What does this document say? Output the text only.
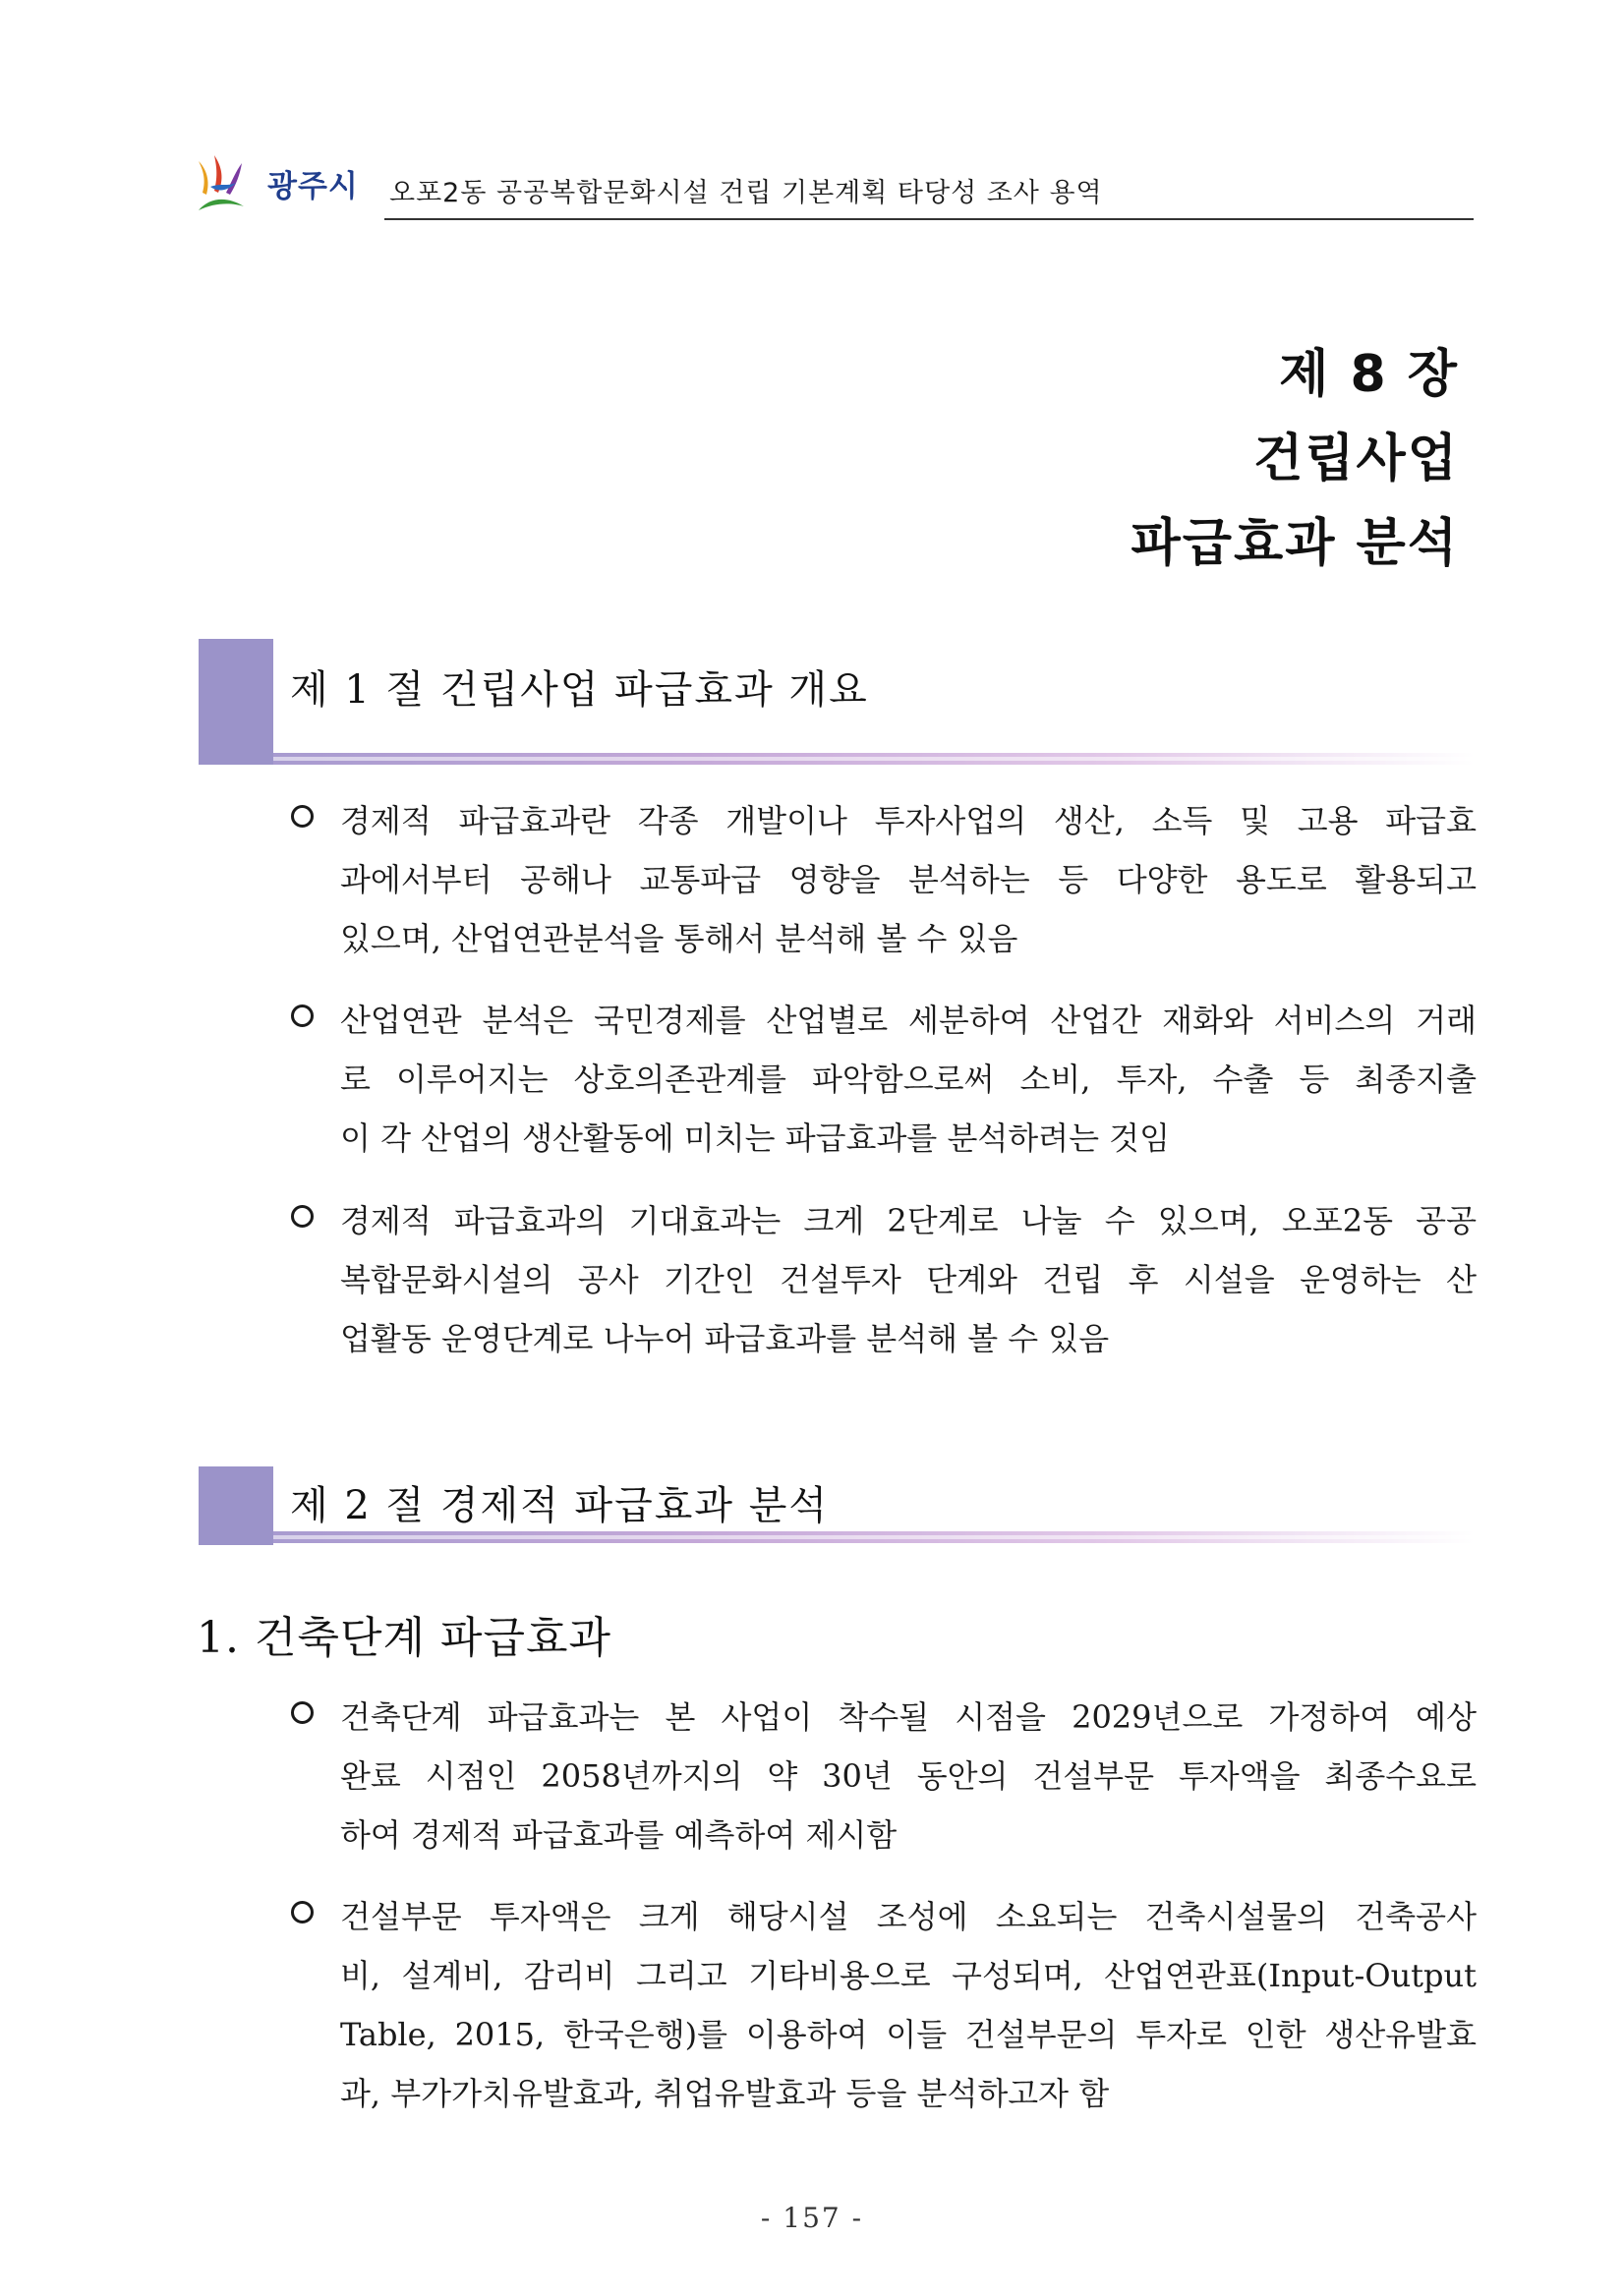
광주시 오포2동 공공복합문화시설 건립 기본계획 타당성 조사 용역
제 8 장
건립사업
파급효과 분석
제 1 절 건립사업 파급효과 개요
경제적 파급효과란 각종 개발이나 투자사업의 생산, 소득 및 고용 파급효
과에서부터 공해나 교통파급 영향을 분석하는 등 다양한 용도로 활용되고
있으며, 산업연관분석을 통해서 분석해 볼 수 있음
산업연관 분석은 국민경제를 산업별로 세분하여 산업간 재화와 서비스의 거래
로 이루어지는 상호의존관계를 파악함으로써 소비, 투자, 수출 등 최종지출
이 각 산업의 생산활동에 미치는 파급효과를 분석하려는 것임
경제적 파급효과의 기대효과는 크게 2단계로 나눌 수 있으며, 오포2동 공공
복합문화시설의 공사 기간인 건설투자 단계와 건립 후 시설을 운영하는 산
업활동 운영단계로 나누어 파급효과를 분석해 볼 수 있음
제 2 절 경제적 파급효과 분석
1. 건축단계 파급효과
건축단계 파급효과는 본 사업이 착수될 시점을 2029년으로 가정하여 예상
완료 시점인 2058년까지의 약 30년 동안의 건설부문 투자액을 최종수요로
하여 경제적 파급효과를 예측하여 제시함
건설부문 투자액은 크게 해당시설 조성에 소요되는 건축시설물의 건축공사
비, 설계비, 감리비 그리고 기타비용으로 구성되며, 산업연관표(Input-Output
Table, 2015, 한국은행)를 이용하여 이들 건설부문의 투자로 인한 생산유발효
과, 부가가치유발효과, 취업유발효과 등을 분석하고자 함
- 157 -
